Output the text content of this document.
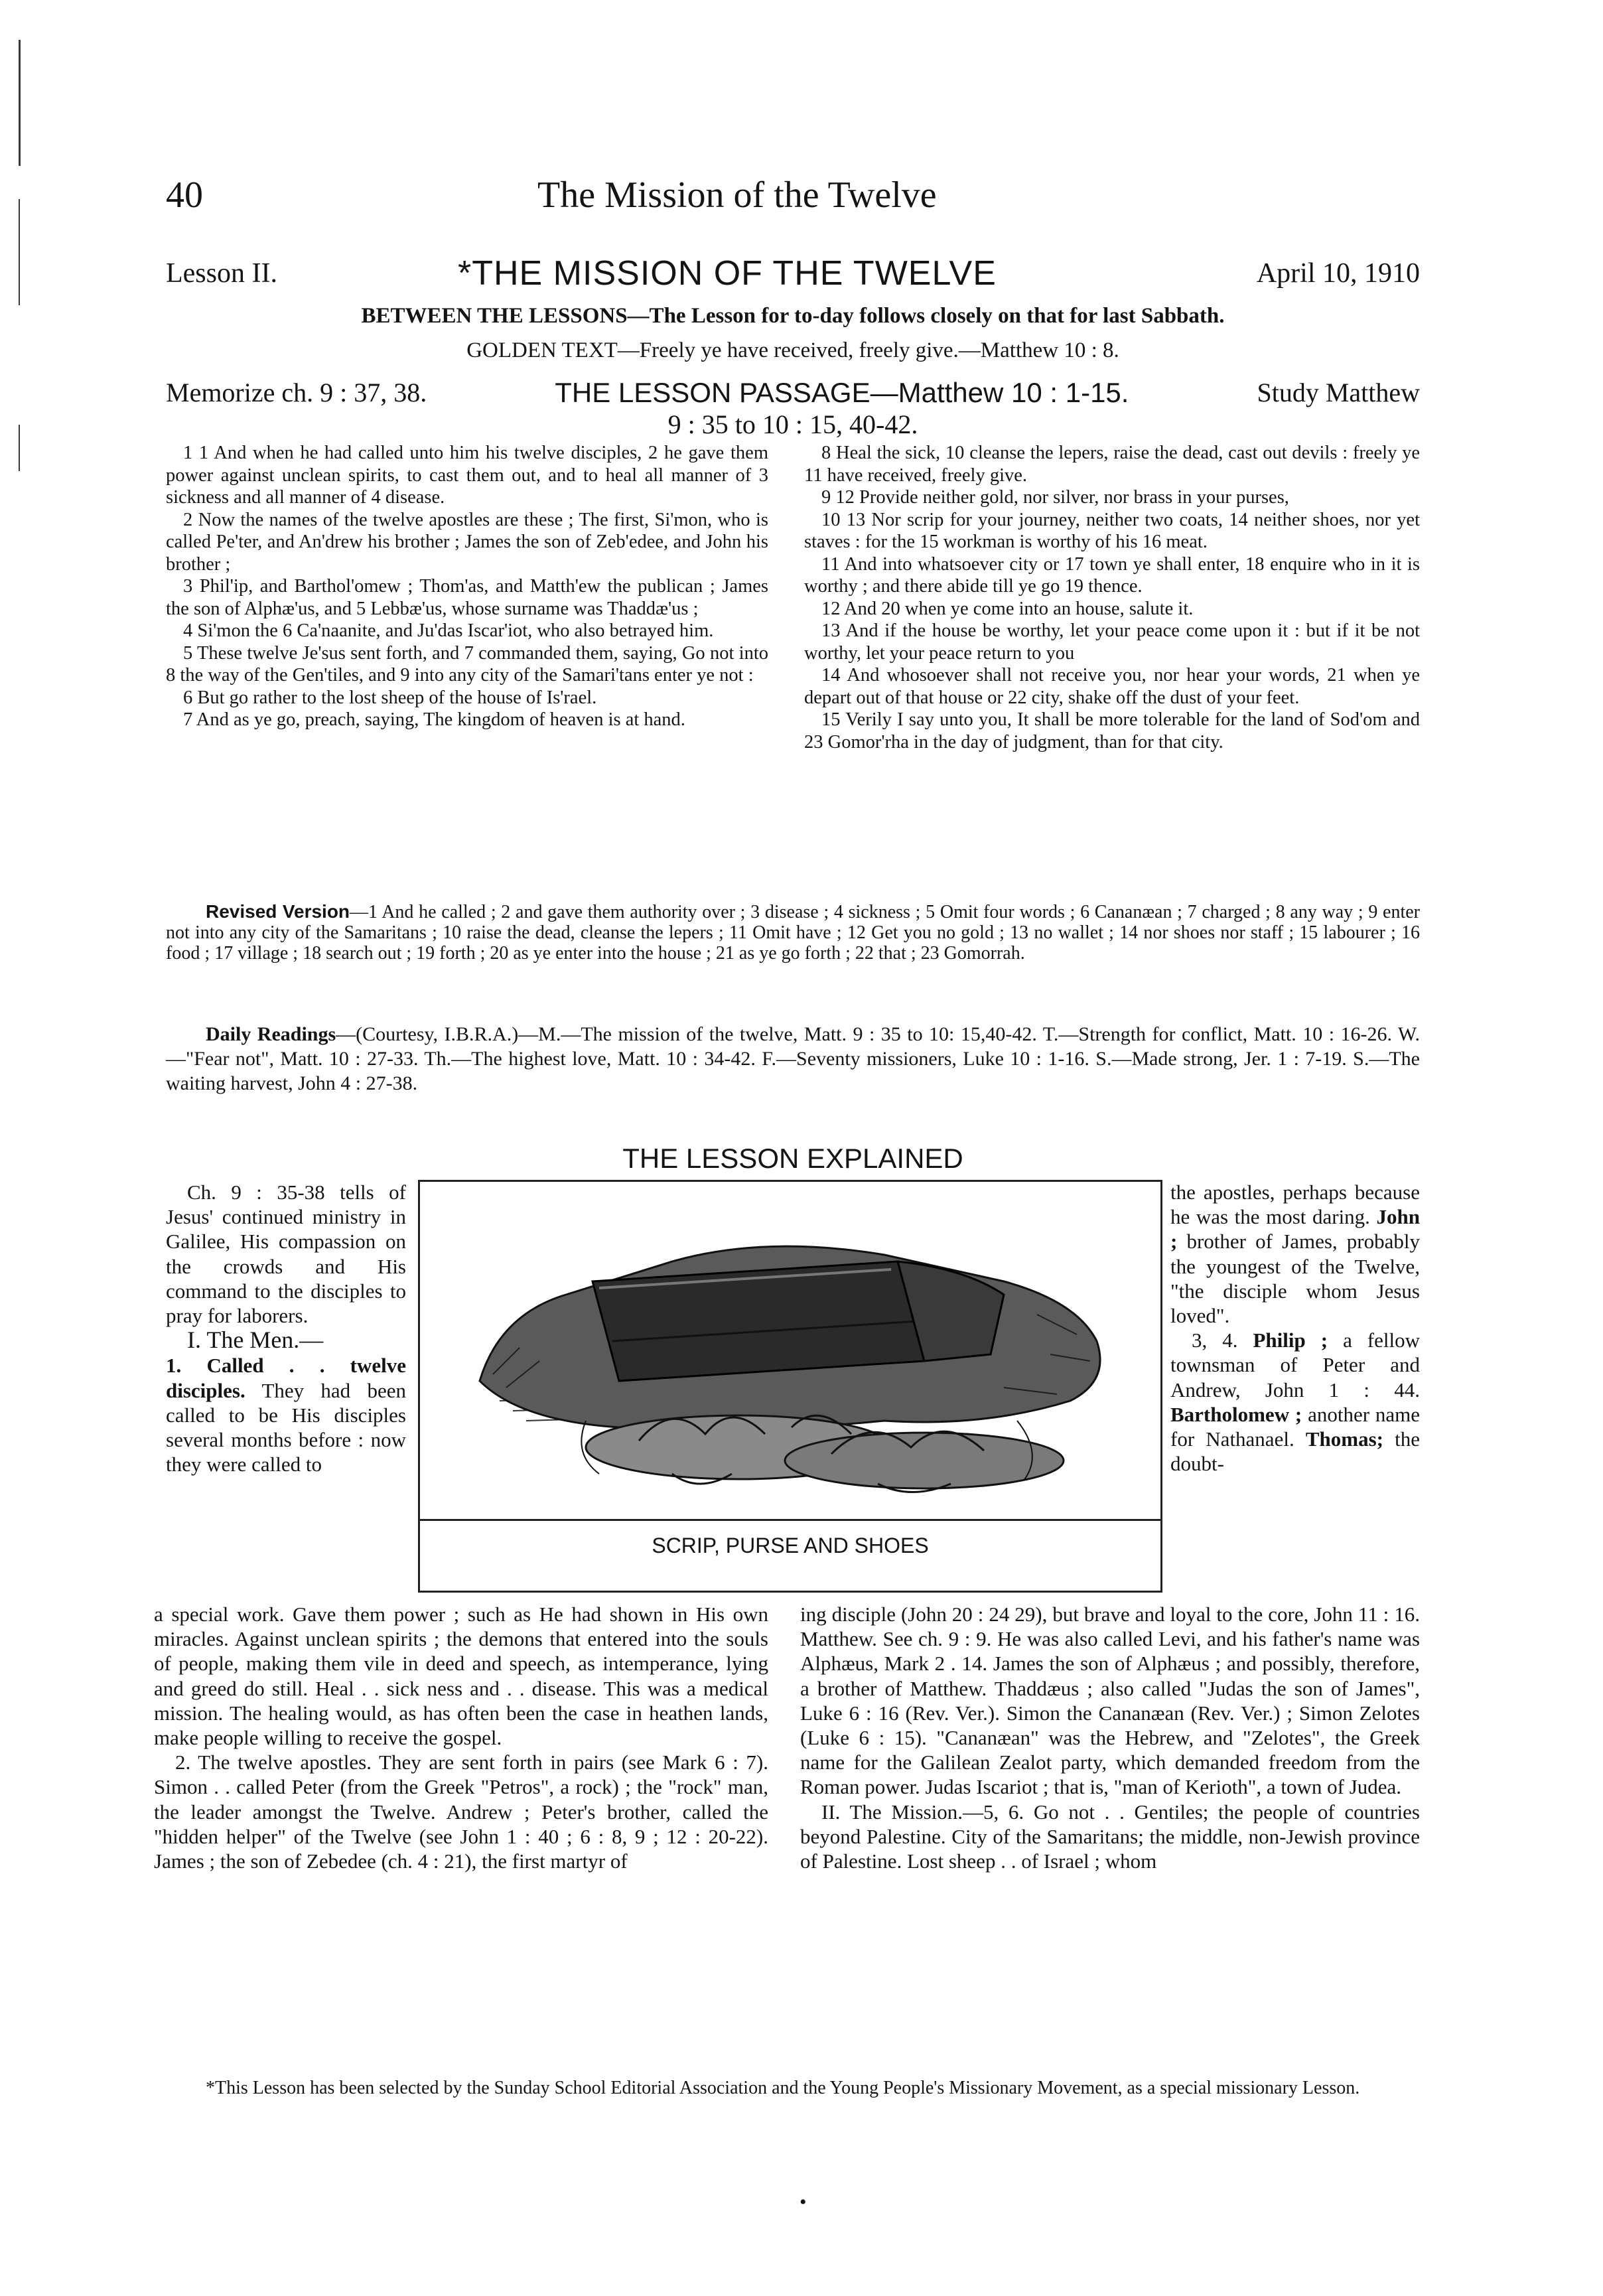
40	The Mission of the Twelve
Lesson II.	*THE MISSION OF THE TWELVE	April 10, 1910
BETWEEN THE LESSONS—The Lesson for to-day follows closely on that for last Sabbath.
GOLDEN TEXT—Freely ye have received, freely give.—Matthew 10 : 8.
Memorize ch. 9 : 37, 38.	THE LESSON PASSAGE—Matthew 10 : 1-15.	Study Matthew
9 : 35 to 10 : 15, 40-42.

1 1 And when he had called unto him his twelve disciples, 2 he gave them power against unclean spirits, to cast them out, and to heal all manner of 3 sickness and all manner of 4 disease.

2 Now the names of the twelve apostles are these ; The first, Si'mon, who is called Pe'ter, and An'drew his brother ; James the son of Zeb'edee, and John his brother ;

3 Phil'ip, and Barthol'omew ; Thom'as, and Matth'ew the publican ; James the son of Alphæ'us, and 5 Lebbæ'us, whose surname was Thaddæ'us ;

4 Si'mon the 6 Ca'naanite, and Ju'das Iscar'iot, who also betrayed him.

5 These twelve Je'sus sent forth, and 7 commanded them, saying, Go not into 8 the way of the Gen'tiles, and 9 into any city of the Samari'tans enter ye not :

6 But go rather to the lost sheep of the house of Is'rael.

7 And as ye go, preach, saying, The kingdom of heaven is at hand.

8 Heal the sick, 10 cleanse the lepers, raise the dead, cast out devils : freely ye 11 have received, freely give.

9 12 Provide neither gold, nor silver, nor brass in your purses,

10 13 Nor scrip for your journey, neither two coats, 14 neither shoes, nor yet staves : for the 15 workman is worthy of his 16 meat.

11 And into whatsoever city or 17 town ye shall enter, 18 enquire who in it is worthy ; and there abide till ye go 19 thence.

12 And 20 when ye come into an house, salute it.

13 And if the house be worthy, let your peace come upon it : but if it be not worthy, let your peace return to you

14 And whosoever shall not receive you, nor hear your words, 21 when ye depart out of that house or 22 city, shake off the dust of your feet.

15 Verily I say unto you, It shall be more tolerable for the land of Sod'om and 23 Gomor'rha in the day of judgment, than for that city.

Revised Version—1 And he called ; 2 and gave them authority over ; 3 disease ; 4 sickness ; 5 Omit four words ; 6 Cananæan ; 7 charged ; 8 any way ; 9 enter not into any city of the Samaritans ; 10 raise the dead, cleanse the lepers ; 11 Omit have ; 12 Get you no gold ; 13 no wallet ; 14 nor shoes nor staff ; 15 labourer ; 16 food ; 17 village ; 18 search out ; 19 forth ; 20 as ye enter into the house ; 21 as ye go forth ; 22 that ; 23 Gomorrah.

Daily Readings—(Courtesy, I.B.R.A.)—M.—The mission of the twelve, Matt. 9 : 35 to 10: 15,40-42. T.—Strength for conflict, Matt. 10 : 16-26. W.—"Fear not", Matt. 10 : 27-33. Th.—The highest love, Matt. 10 : 34-42. F.—Seventy missioners, Luke 10 : 1-16. S.—Made strong, Jer. 1 : 7-19. S.—The waiting harvest, John 4 : 27-38.

THE LESSON EXPLAINED

Ch. 9 : 35-38 tells of Jesus' continued ministry in Galilee, His compassion on the crowds and His command to the disciples to pray for laborers.

I. The Men.—

1. Called . . twelve disciples. They had been called to be His disciples several months before : now they were called to

SCRIP, PURSE AND SHOES

the apostles, perhaps because he was the most daring. John ; brother of James, probably the youngest of the Twelve, "the disciple whom Jesus loved".

3, 4. Philip ; a fellow townsman of Peter and Andrew, John 1 : 44. Bartholomew ; another name for Nathanael. Thomas; the doubt-

a special work. Gave them power ; such as He had shown in His own miracles. Against unclean spirits ; the demons that entered into the souls of people, making them vile in deed and speech, as intemperance, lying and greed do still. Heal . . sick ness and . . disease. This was a medical mission. The healing would, as has often been the case in heathen lands, make people willing to receive the gospel.

2. The twelve apostles. They are sent forth in pairs (see Mark 6 : 7). Simon . . called Peter (from the Greek "Petros", a rock) ; the "rock" man, the leader amongst the Twelve. Andrew ; Peter's brother, called the "hidden helper" of the Twelve (see John 1 : 40 ; 6 : 8, 9 ; 12 : 20-22). James ; the son of Zebedee (ch. 4 : 21), the first martyr of

ing disciple (John 20 : 24 29), but brave and loyal to the core, John 11 : 16. Matthew. See ch. 9 : 9. He was also called Levi, and his father's name was Alphæus, Mark 2 . 14. James the son of Alphæus ; and possibly, therefore, a brother of Matthew. Thaddæus ; also called "Judas the son of James", Luke 6 : 16 (Rev. Ver.). Simon the Cananæan (Rev. Ver.) ; Simon Zelotes (Luke 6 : 15). "Cananæan" was the Hebrew, and "Zelotes", the Greek name for the Galilean Zealot party, which demanded freedom from the Roman power. Judas Iscariot ; that is, "man of Kerioth", a town of Judea.

II. The Mission.—5, 6. Go not . . Gentiles; the people of countries beyond Palestine. City of the Samaritans; the middle, non-Jewish province of Palestine. Lost sheep . . of Israel ; whom

*This Lesson has been selected by the Sunday School Editorial Association and the Young People's Missionary Movement, as a special missionary Lesson.

•
